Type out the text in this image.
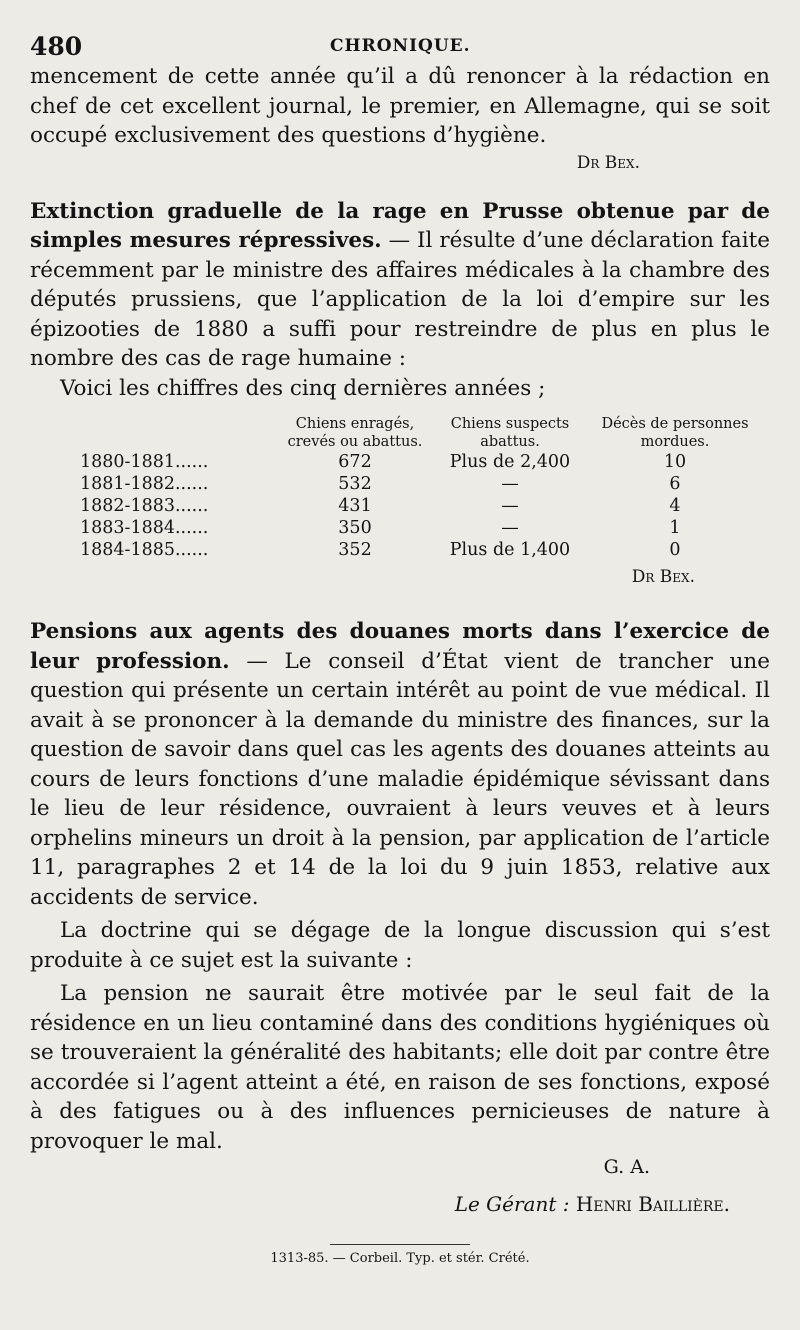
480	CHRONIQUE.

mencement de cette année qu’il a dû renoncer à la rédaction en chef de cet excellent journal, le premier, en Allemagne, qui se soit occupé exclusivement des questions d’hygiène.

Dr Bex.

Extinction graduelle de la rage en Prusse obtenue par de simples mesures répressives. — Il résulte d’une déclaration faite récemment par le ministre des affaires médicales à la chambre des députés prussiens, que l’application de la loi d’empire sur les épizooties de 1880 a suffi pour restreindre de plus en plus le nombre des cas de rage humaine :

Voici les chiffres des cinq dernières années ;

	Chiens enragés, crevés ou abattus.	Chiens suspects abattus.	Décès de personnes mordues.
1880-1881......	672	Plus de 2,400	10
1881-1882......	532	—	6
1882-1883......	431	—	4
1883-1884......	350	—	1
1884-1885......	352	Plus de 1,400	0

Dr Bex.

Pensions aux agents des douanes morts dans l’exercice de leur profession. — Le conseil d’État vient de trancher une question qui présente un certain intérêt au point de vue médical. Il avait à se prononcer à la demande du ministre des finances, sur la question de savoir dans quel cas les agents des douanes atteints au cours de leurs fonctions d’une maladie épidémique sévissant dans le lieu de leur résidence, ouvraient à leurs veuves et à leurs orphelins mineurs un droit à la pension, par application de l’article 11, paragraphes 2 et 14 de la loi du 9 juin 1853, relative aux accidents de service.

La doctrine qui se dégage de la longue discussion qui s’est produite à ce sujet est la suivante :

La pension ne saurait être motivée par le seul fait de la résidence en un lieu contaminé dans des conditions hygiéniques où se trouveraient la généralité des habitants; elle doit par contre être accordée si l’agent atteint a été, en raison de ses fonctions, exposé à des fatigues ou à des influences pernicieuses de nature à provoquer le mal.

G. A.

Le Gérant : Henri Baillière.

1313-85. — Corbeil. Typ. et stér. Crété.
